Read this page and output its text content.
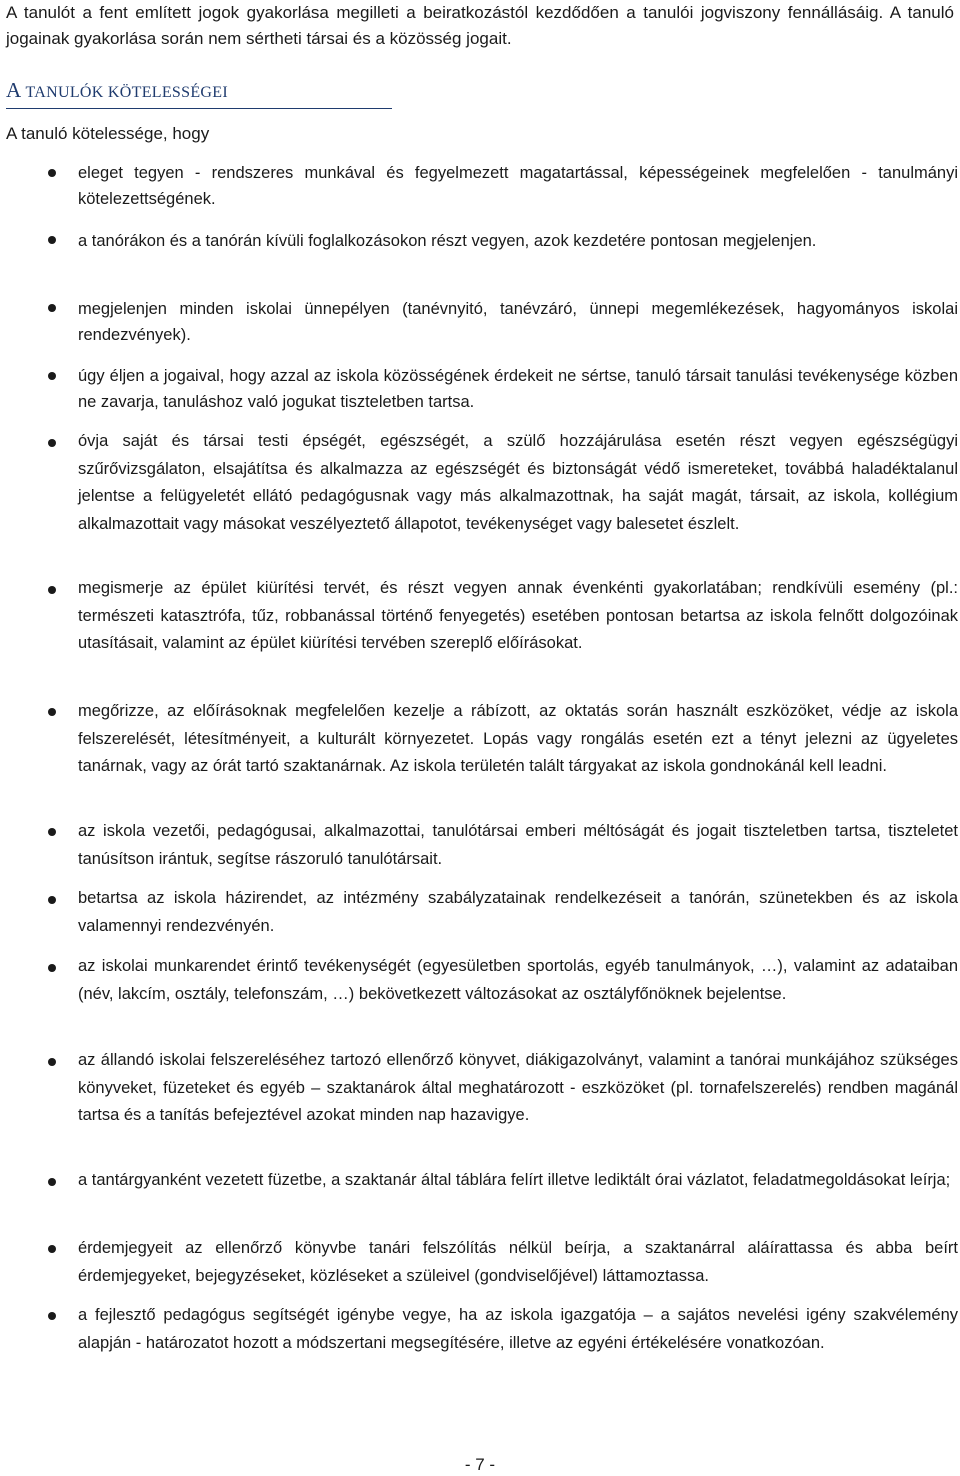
A tanulót a fent említett jogok gyakorlása megilleti a beiratkozástól kezdődően a tanulói jogviszony fennállásáig. A tanuló jogainak gyakorlása során nem sértheti társai és a közösség jogait.
A TANULÓK KÖTELESSÉGEI
A tanuló kötelessége, hogy
eleget tegyen - rendszeres munkával és fegyelmezett magatartással, képességeinek megfelelően - tanulmányi kötelezettségének.
a tanórákon és a tanórán kívüli foglalkozásokon részt vegyen, azok kezdetére pontosan megjelenjen.
megjelenjen minden iskolai ünnepélyen (tanévnyitó, tanévzáró, ünnepi megemlékezések, hagyományos iskolai rendezvények).
úgy éljen a jogaival, hogy azzal az iskola közösségének érdekeit ne sértse, tanuló társait tanulási tevékenysége közben ne zavarja, tanuláshoz való jogukat tiszteletben tartsa.
óvja saját és társai testi épségét, egészségét, a szülő hozzájárulása esetén részt vegyen egészségügyi szűrővizsgálaton, elsajátítsa és alkalmazza az egészségét és biztonságát védő ismereteket, továbbá haladéktalanul jelentse a felügyeletét ellátó pedagógusnak vagy más alkalmazottnak, ha saját magát, társait, az iskola, kollégium alkalmazottait vagy másokat veszélyeztető állapotot, tevékenységet vagy balesetet észlelt.
megismerje az épület kiürítési tervét, és részt vegyen annak évenkénti gyakorlatában; rendkívüli esemény (pl.: természeti katasztrófa, tűz, robbanással történő fenyegetés) esetében pontosan betartsa az iskola felnőtt dolgozóinak utasításait, valamint az épület kiürítési tervében szereplő előírásokat.
megőrizze, az előírásoknak megfelelően kezelje a rábízott, az oktatás során használt eszközöket, védje az iskola felszerelését, létesítményeit, a kulturált környezetet. Lopás vagy rongálás esetén ezt a tényt jelezni az ügyeletes tanárnak, vagy az órát tartó szaktanárnak. Az iskola területén talált tárgyakat az iskola gondnokánál kell leadni.
az iskola vezetői, pedagógusai, alkalmazottai, tanulótársai emberi méltóságát és jogait tiszteletben tartsa, tiszteletet tanúsítson irántuk, segítse rászoruló tanulótársait.
betartsa az iskola házirendet, az intézmény szabályzatainak rendelkezéseit a tanórán, szünetekben és az iskola valamennyi rendezvényén.
az iskolai munkarendet érintő tevékenységét (egyesületben sportolás, egyéb tanulmányok, …), valamint az adataiban (név, lakcím, osztály, telefonszám, …) bekövetkezett változásokat az osztályfőnöknek bejelentse.
az állandó iskolai felszereléséhez tartozó ellenőrző könyvet, diákigazolványt, valamint a tanórai munkájához szükséges könyveket, füzeteket és egyéb – szaktanárok által meghatározott - eszközöket (pl. tornafelszerelés) rendben magánál tartsa és a tanítás befejeztével azokat minden nap hazavigye.
a tantárgyanként vezetett füzetbe, a szaktanár által táblára felírt illetve lediktált órai vázlatot, feladatmegoldásokat leírja;
érdemjegyeit az ellenőrző könyvbe tanári felszólítás nélkül beírja, a szaktanárral aláírattassa és abba beírt érdemjegyeket, bejegyzéseket, közléseket a szüleivel (gondviselőjével) láttamoztassa.
a fejlesztő pedagógus segítségét igénybe vegye, ha az iskola igazgatója – a sajátos nevelési igény szakvélemény alapján - határozatot hozott a módszertani megsegítésére, illetve az egyéni értékelésére vonatkozóan.
- 7 -
